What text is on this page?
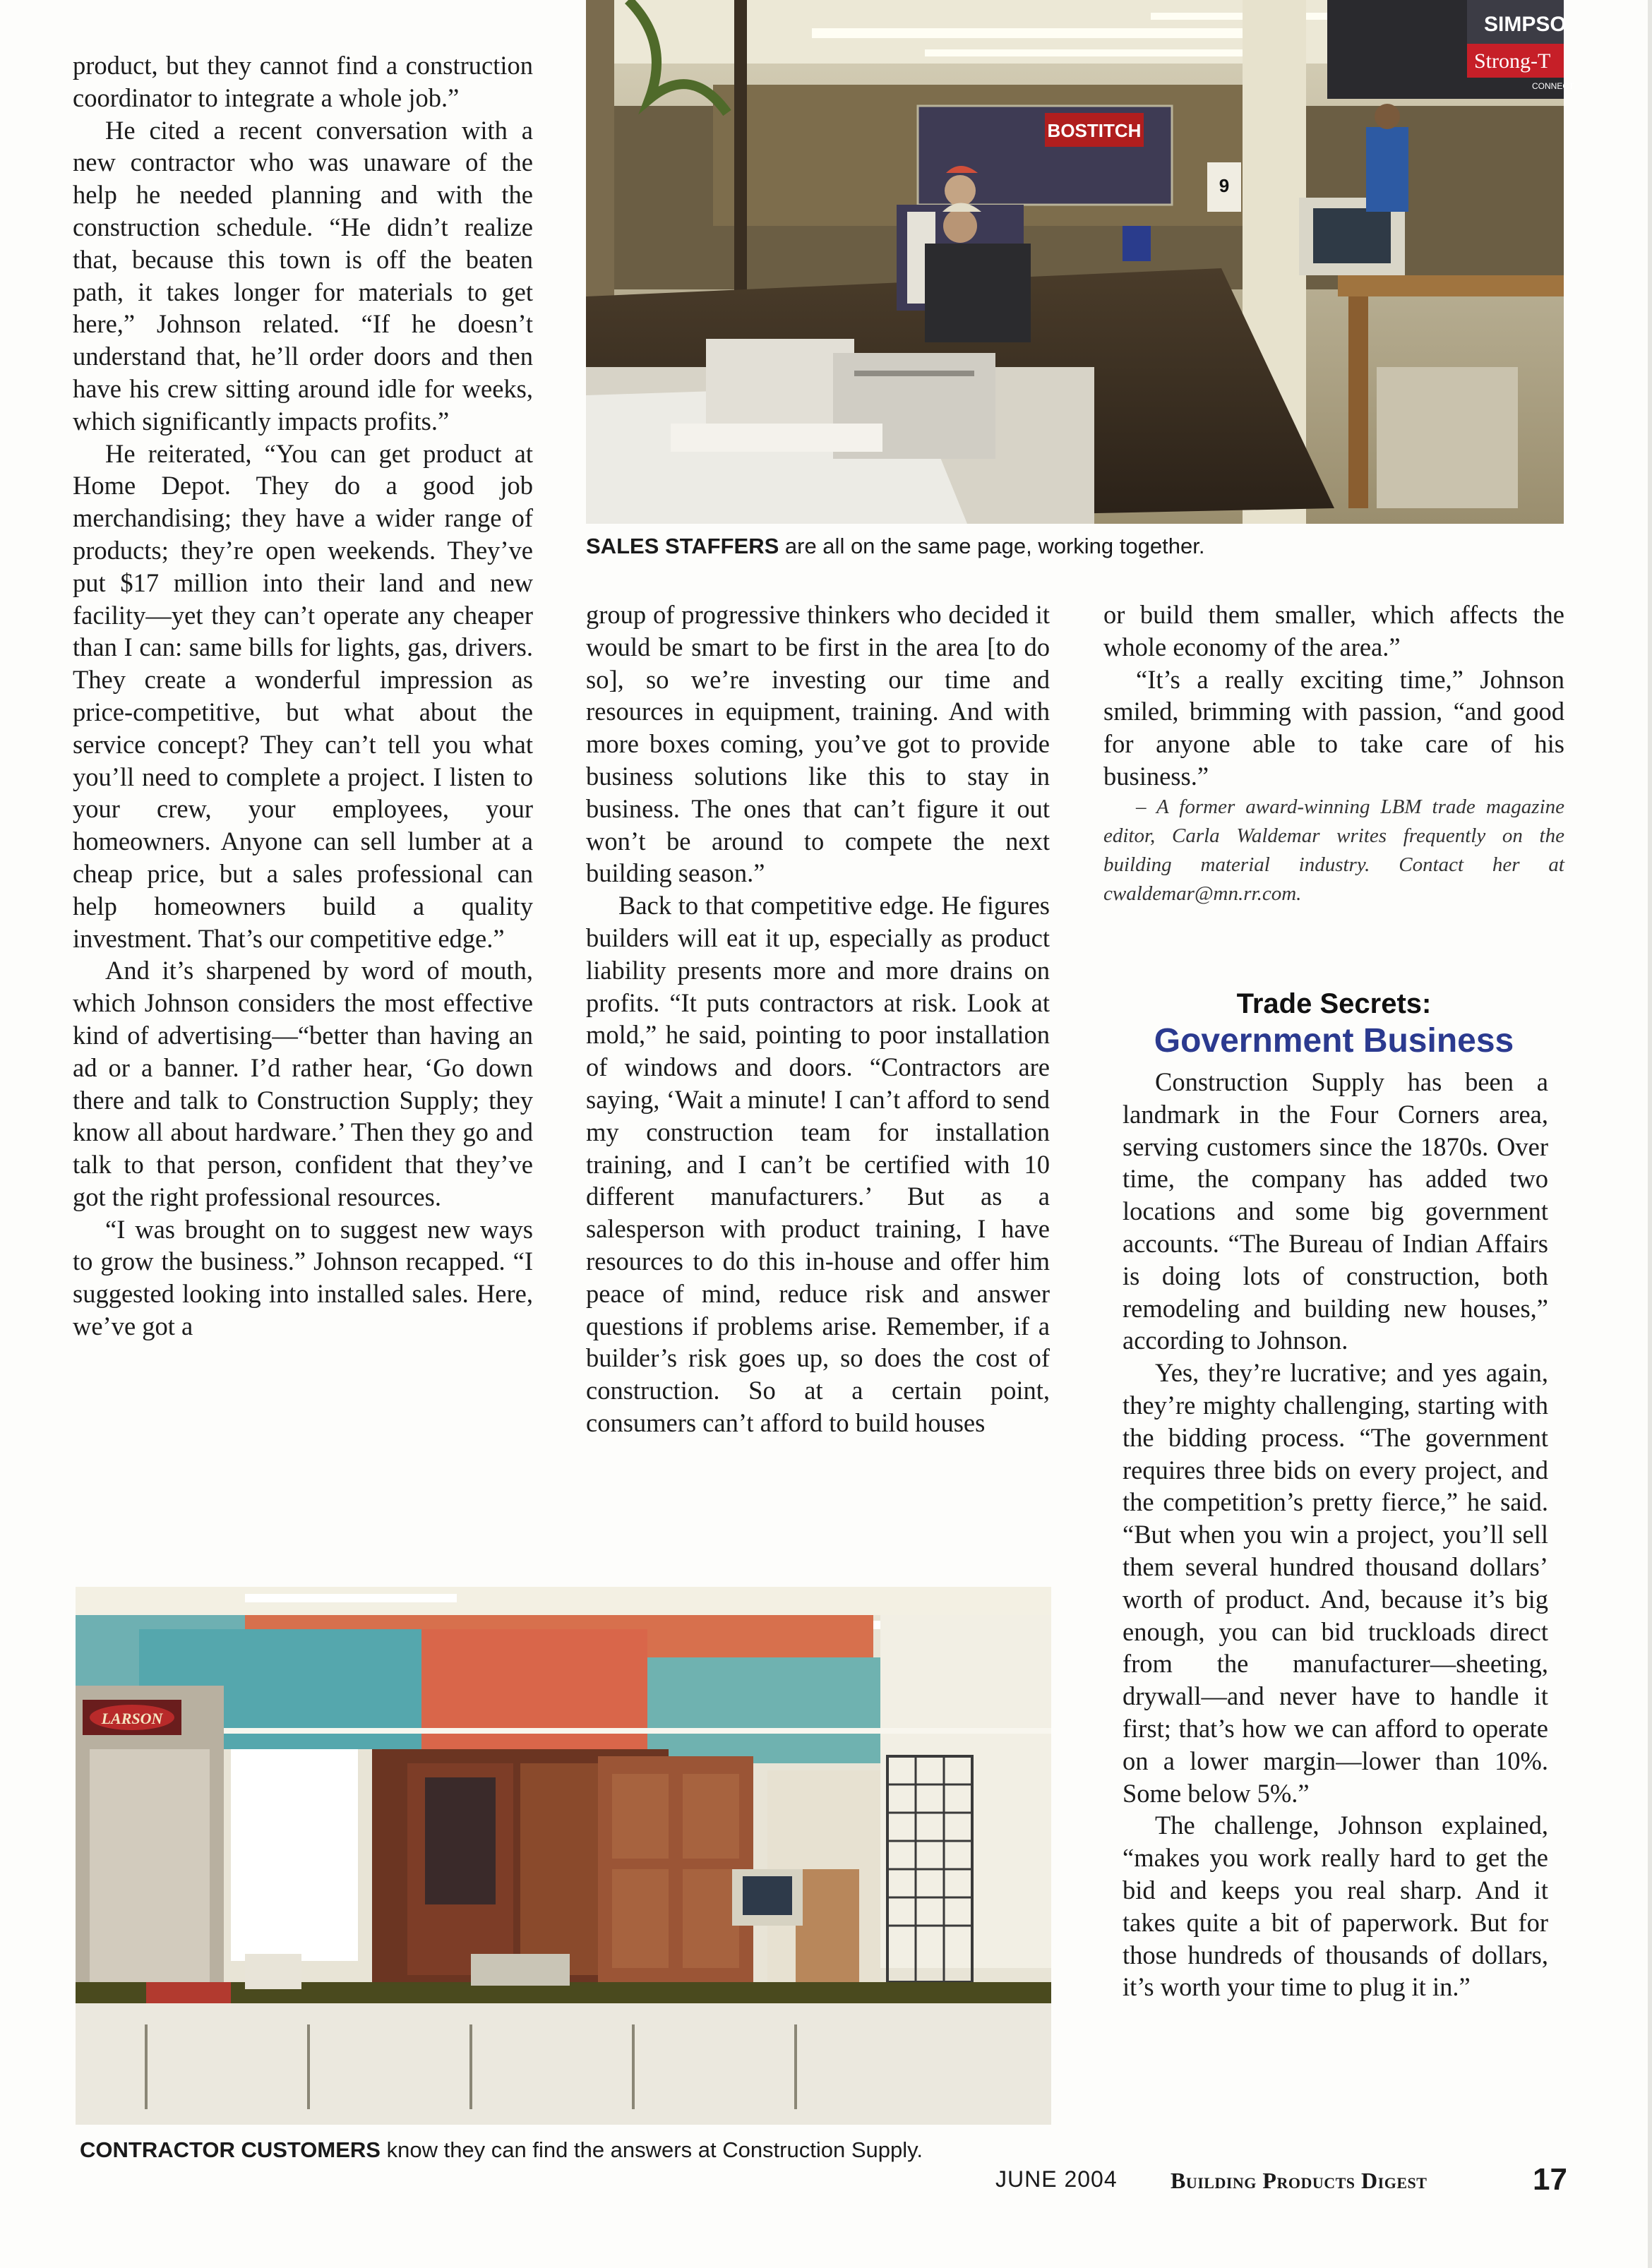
BOSTITCH
SIMPSO
Strong-T
CONNECT
9
SALES STAFFERS are all on the same page, working together.

product, but they cannot find a construction coordinator to integrate a whole job.”

He cited a recent conversation with a new contractor who was unaware of the help he needed planning and with the construction schedule. “He didn’t realize that, because this town is off the beaten path, it takes longer for materials to get here,” Johnson related. “If he doesn’t understand that, he’ll order doors and then have his crew sitting around idle for weeks, which significantly impacts profits.”

He reiterated, “You can get product at Home Depot. They do a good job merchandising; they have a wider range of products; they’re open weekends. They’ve put $17 million into their land and new facility—yet they can’t operate any cheaper than I can: same bills for lights, gas, drivers. They create a wonderful impression as price-competitive, but what about the service concept? They can’t tell you what you’ll need to complete a project. I listen to your crew, your employees, your homeowners. Anyone can sell lumber at a cheap price, but a sales professional can help homeowners build a quality investment. That’s our competitive edge.”

And it’s sharpened by word of mouth, which Johnson considers the most effective kind of advertising—“better than having an ad or a banner. I’d rather hear, ‘Go down there and talk to Construction Supply; they know all about hardware.’ Then they go and talk to that person, confident that they’ve got the right professional resources.

“I was brought on to suggest new ways to grow the business.” Johnson recapped. “I suggested looking into installed sales. Here, we’ve got a

group of progressive thinkers who decided it would be smart to be first in the area [to do so], so we’re investing our time and resources in equipment, training. And with more boxes coming, you’ve got to provide business solutions like this to stay in business. The ones that can’t figure it out won’t be around to compete the next building season.”

Back to that competitive edge. He figures builders will eat it up, especially as product liability presents more and more drains on profits. “It puts contractors at risk. Look at mold,” he said, pointing to poor installation of windows and doors. “Contractors are saying, ‘Wait a minute! I can’t afford to send my construction team for installation training, and I can’t be certified with 10 different manufacturers.’ But as a salesperson with product training, I have resources to do this in-house and offer him peace of mind, reduce risk and answer questions if problems arise. Remember, if a builder’s risk goes up, so does the cost of construction. So at a certain point, consumers can’t afford to build houses

or build them smaller, which affects the whole economy of the area.”

“It’s a really exciting time,” Johnson smiled, brimming with passion, “and good for anyone able to take care of his business.”

– A former award-winning LBM trade magazine editor, Carla Waldemar writes frequently on the building material industry. Contact her at cwaldemar@mn.rr.com.

Trade Secrets:
Government Business

Construction Supply has been a landmark in the Four Corners area, serving customers since the 1870s. Over time, the company has added two locations and some big government accounts. “The Bureau of Indian Affairs is doing lots of construction, both remodeling and building new houses,” according to Johnson.

Yes, they’re lucrative; and yes again, they’re mighty challenging, starting with the bidding process. “The government requires three bids on every project, and the competition’s pretty fierce,” he said. “But when you win a project, you’ll sell them several hundred thousand dollars’ worth of product. And, because it’s big enough, you can bid truckloads direct from the manufacturer—sheeting, drywall—and never have to handle it first; that’s how we can afford to operate on a lower margin—lower than 10%. Some below 5%.”

The challenge, Johnson explained, “makes you work really hard to get the bid and keeps you real sharp. And it takes quite a bit of paperwork. But for those hundreds of thousands of dollars, it’s worth your time to plug it in.”

LARSON
CONTRACTOR CUSTOMERS know they can find the answers at Construction Supply.
JUNE 2004 Building Products Digest	17
